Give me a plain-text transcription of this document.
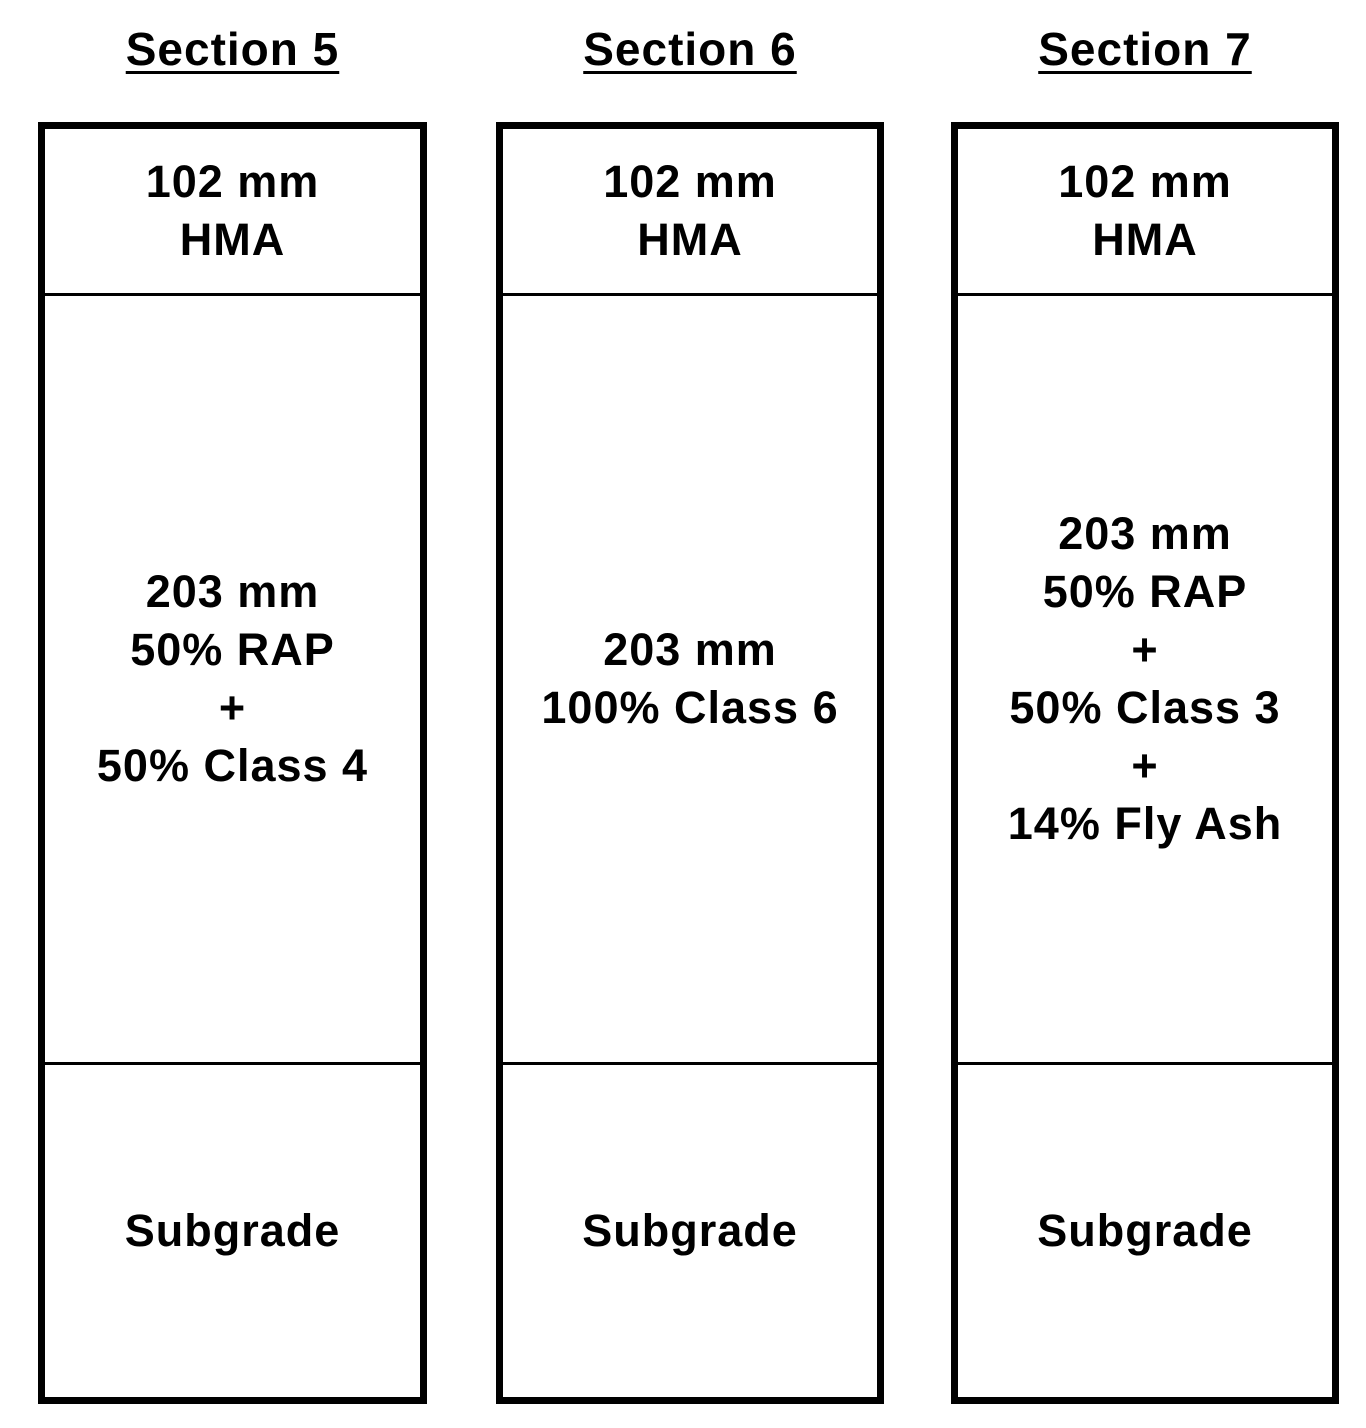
Section 5
102 mm
HMA
203 mm
50% RAP
+
50% Class 4
Subgrade
Section 6
102 mm
HMA
203 mm
100% Class 6
Subgrade
Section 7
102 mm
HMA
203 mm
50% RAP
+
50% Class 3
+
14% Fly Ash
Subgrade
